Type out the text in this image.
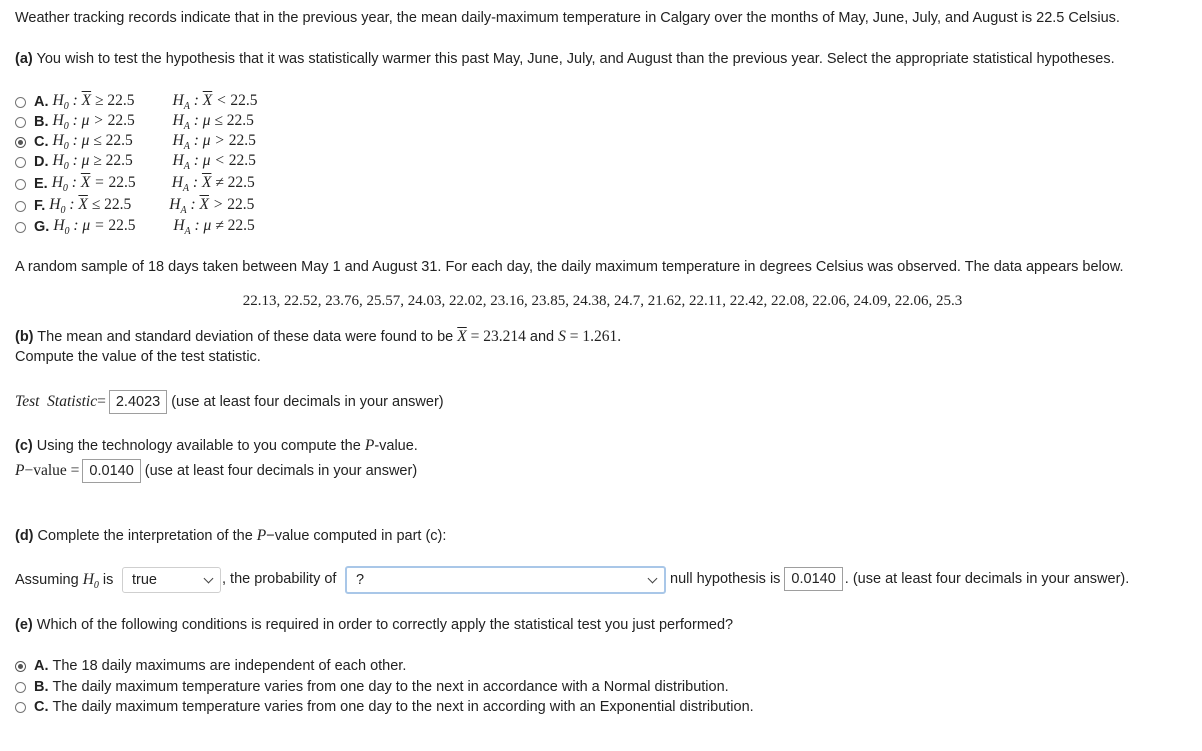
Weather tracking records indicate that in the previous year, the mean daily-maximum temperature in Calgary over the months of May, June, July, and August is 22.5 Celsius.
(a) You wish to test the hypothesis that it was statistically warmer this past May, June, July, and August than the previous year. Select the appropriate statistical hypotheses.
A. $H_0$ : $\overline{X} \ge 22.5$ $H_A$ : $\overline{X} < 22.5$
B. $H_0$ : μ > 22.5 $H_A$ : μ ≤ 22.5
C. $H_0$ : μ ≤ 22.5	$H_A$ : μ > 22.5
D. $H_0$ : μ ≥ 22.5	$H_A$ : μ < 22.5
E. $H_0$ : $\overline{X} = 22.5$ $H_A$ : $\overline{X} \ne 22.5$
F. $H_0$ : $\overline{X} \le 22.5$ $H_A$ : $\overline{X} > 22.5$
G. $H_0$ : μ = 22.5 $H_A$ : μ ≠ 22.5
A random sample of 18 days taken between May 1 and August 31. For each day, the daily maximum temperature in degrees Celsius was observed. The data appears below.
22.13, 22.52, 23.76, 25.57, 24.03, 22.02, 23.16, 23.85, 24.38, 24.7, 21.62, 22.11, 22.42, 22.08, 22.06, 24.09, 22.06, 25.3
(b) The mean and standard deviation of these data were found to be $\overline{X} = 23.214$ and S = 1.261.
Compute the value of the test statistic.
Test  Statistic = 2.4023 (use at least four decimals in your answer)
(c) Using the technology available to you compute the P-value.
P −value = 0.0140 (use at least four decimals in your answer)
(d) Complete the interpretation of the P−value computed in part (c):
Assuming $H_0$ is true	, the probability of ?	null hypothesis is 0.0140 . (use at least four decimals in your answer).
(e) Which of the following conditions is required in order to correctly apply the statistical test you just performed?
A. The 18 daily maximums are independent of each other.
B. The daily maximum temperature varies from one day to the next in accordance with a Normal distribution.
C. The daily maximum temperature varies from one day to the next in according with an Exponential distribution.
